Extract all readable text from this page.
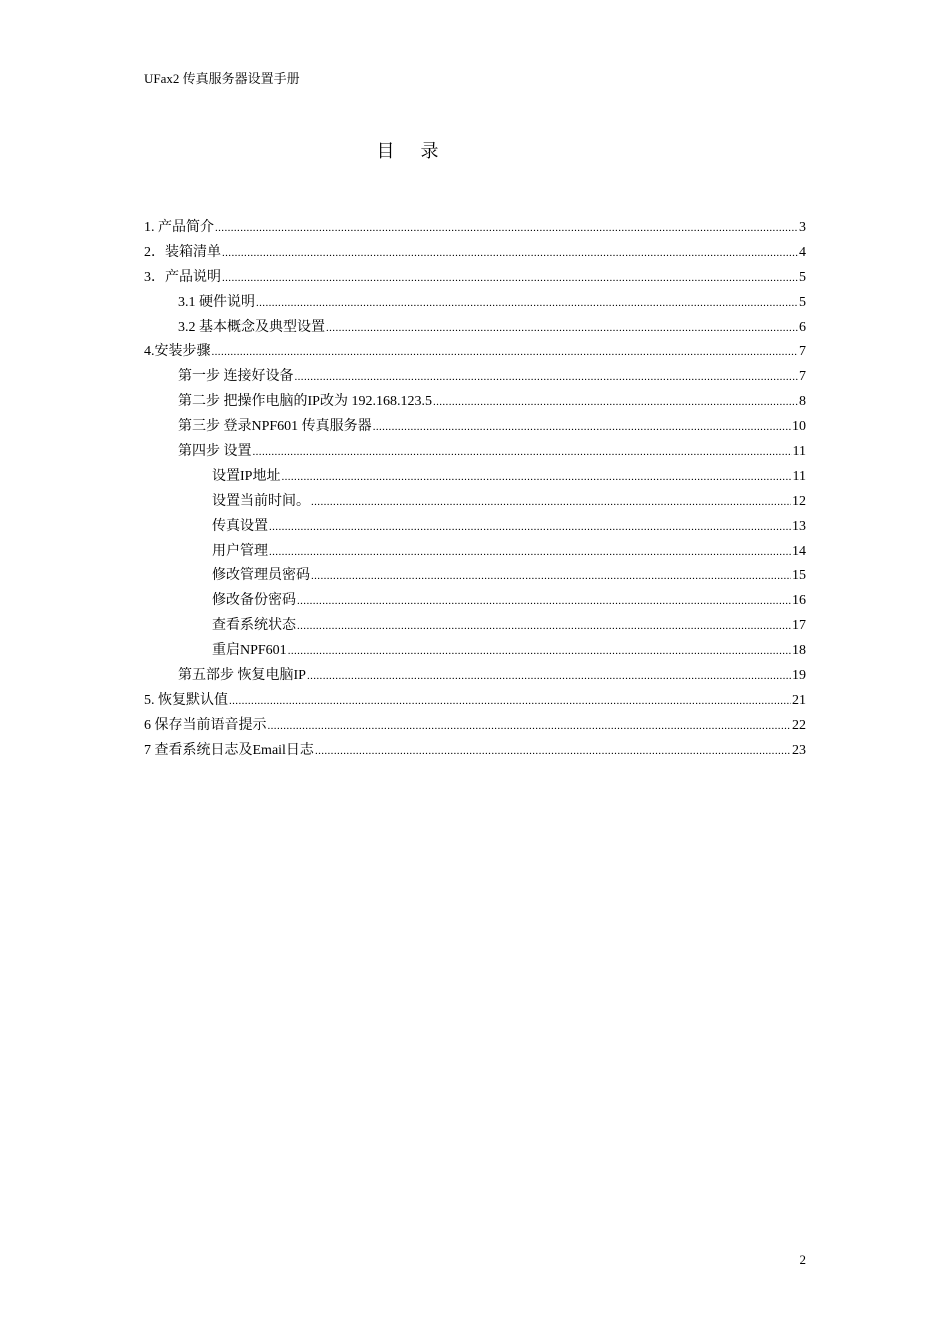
UFax2 传真服务器设置手册
目录
1. 产品简介 .....	3
2．装箱清单 .....	4
3．产品说明 .....	5
3.1 硬件说明 .....	5
3.2 基本概念及典型设置 .....	6
4.安装步骤 .....	7
第一步 连接好设备 .....	7
第二步 把操作电脑的IP改为 192.168.123.5 .....	8
第三步 登录NPF601 传真服务器 .....	10
第四步 设置 .....	11
设置IP地址 .....	11
设置当前时间。 .....	12
传真设置 .....	13
用户管理 .....	14
修改管理员密码 .....	15
修改备份密码 .....	16
查看系统状态 .....	17
重启NPF601 .....	18
第五部步 恢复电脑IP .....	19
5. 恢复默认值 .....	21
6 保存当前语音提示 .....	22
7 查看系统日志及Email日志 .....	23
2
